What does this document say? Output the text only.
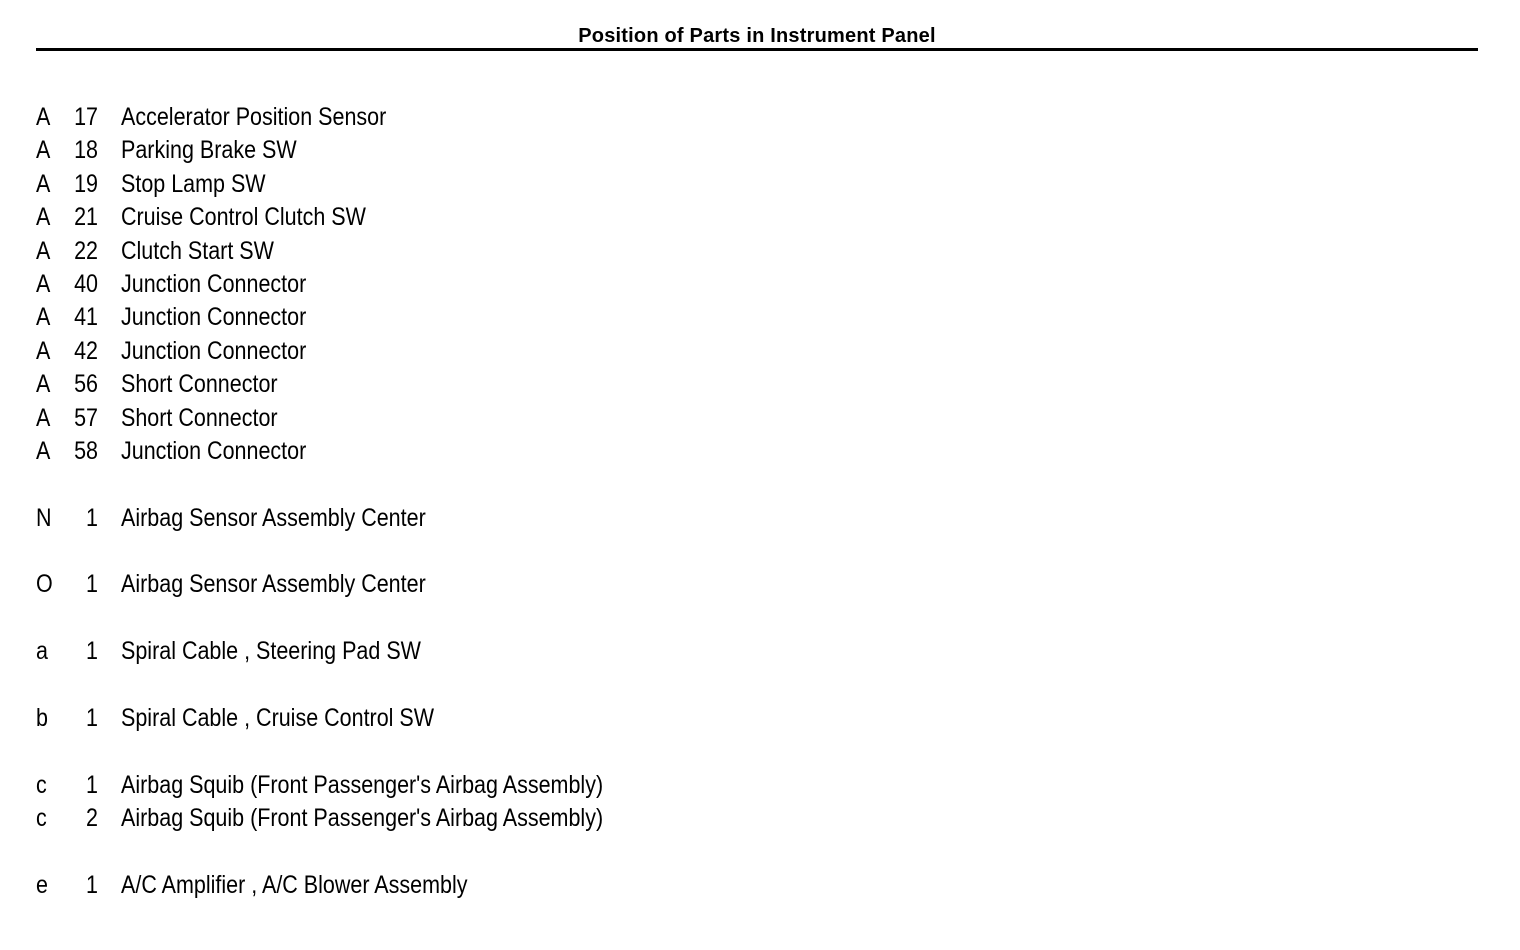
Position of Parts in Instrument Panel
A 17 Accelerator Position Sensor
A 18 Parking Brake SW
A 19 Stop Lamp SW
A 21 Cruise Control Clutch SW
A 22 Clutch Start SW
A 40 Junction Connector
A 41 Junction Connector
A 42 Junction Connector
A 56 Short Connector
A 57 Short Connector
A 58 Junction Connector
N	1 Airbag Sensor Assembly Center
O	1 Airbag Sensor Assembly Center
a	1 Spiral Cable , Steering Pad SW
b	1 Spiral Cable , Cruise Control SW
c	1 Airbag Squib (Front Passenger's Airbag Assembly)
c	2 Airbag Squib (Front Passenger's Airbag Assembly)
e	1 A/C Amplifier , A/C Blower Assembly
